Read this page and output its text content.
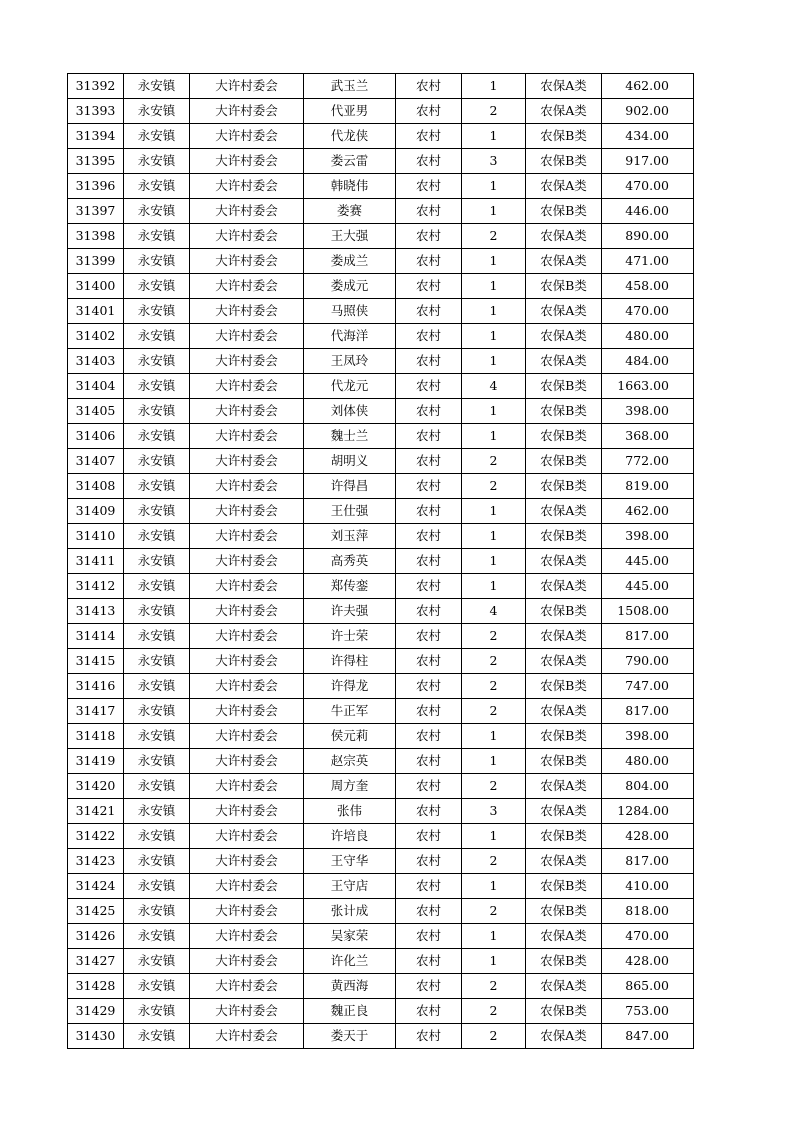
31392	永安镇	大许村委会	武玉兰	农村	1	农保A类	462.00
31393	永安镇	大许村委会	代亚男	农村	2	农保A类	902.00
31394	永安镇	大许村委会	代龙侠	农村	1	农保B类	434.00
31395	永安镇	大许村委会	娄云雷	农村	3	农保B类	917.00
31396	永安镇	大许村委会	韩晓伟	农村	1	农保A类	470.00
31397	永安镇	大许村委会	娄赛	农村	1	农保B类	446.00
31398	永安镇	大许村委会	王大强	农村	2	农保A类	890.00
31399	永安镇	大许村委会	娄成兰	农村	1	农保A类	471.00
31400	永安镇	大许村委会	娄成元	农村	1	农保B类	458.00
31401	永安镇	大许村委会	马照侠	农村	1	农保A类	470.00
31402	永安镇	大许村委会	代海洋	农村	1	农保A类	480.00
31403	永安镇	大许村委会	王凤玲	农村	1	农保A类	484.00
31404	永安镇	大许村委会	代龙元	农村	4	农保B类	1663.00
31405	永安镇	大许村委会	刘体侠	农村	1	农保B类	398.00
31406	永安镇	大许村委会	魏士兰	农村	1	农保B类	368.00
31407	永安镇	大许村委会	胡明义	农村	2	农保B类	772.00
31408	永安镇	大许村委会	许得昌	农村	2	农保B类	819.00
31409	永安镇	大许村委会	王仕强	农村	1	农保A类	462.00
31410	永安镇	大许村委会	刘玉萍	农村	1	农保B类	398.00
31411	永安镇	大许村委会	高秀英	农村	1	农保A类	445.00
31412	永安镇	大许村委会	郑传銮	农村	1	农保A类	445.00
31413	永安镇	大许村委会	许夫强	农村	4	农保B类	1508.00
31414	永安镇	大许村委会	许士荣	农村	2	农保A类	817.00
31415	永安镇	大许村委会	许得柱	农村	2	农保A类	790.00
31416	永安镇	大许村委会	许得龙	农村	2	农保B类	747.00
31417	永安镇	大许村委会	牛正军	农村	2	农保A类	817.00
31418	永安镇	大许村委会	侯元莉	农村	1	农保B类	398.00
31419	永安镇	大许村委会	赵宗英	农村	1	农保B类	480.00
31420	永安镇	大许村委会	周方奎	农村	2	农保A类	804.00
31421	永安镇	大许村委会	张伟	农村	3	农保A类	1284.00
31422	永安镇	大许村委会	许培良	农村	1	农保B类	428.00
31423	永安镇	大许村委会	王守华	农村	2	农保A类	817.00
31424	永安镇	大许村委会	王守店	农村	1	农保B类	410.00
31425	永安镇	大许村委会	张计成	农村	2	农保B类	818.00
31426	永安镇	大许村委会	吴家荣	农村	1	农保A类	470.00
31427	永安镇	大许村委会	许化兰	农村	1	农保B类	428.00
31428	永安镇	大许村委会	黄西海	农村	2	农保A类	865.00
31429	永安镇	大许村委会	魏正良	农村	2	农保B类	753.00
31430	永安镇	大许村委会	娄天于	农村	2	农保A类	847.00
